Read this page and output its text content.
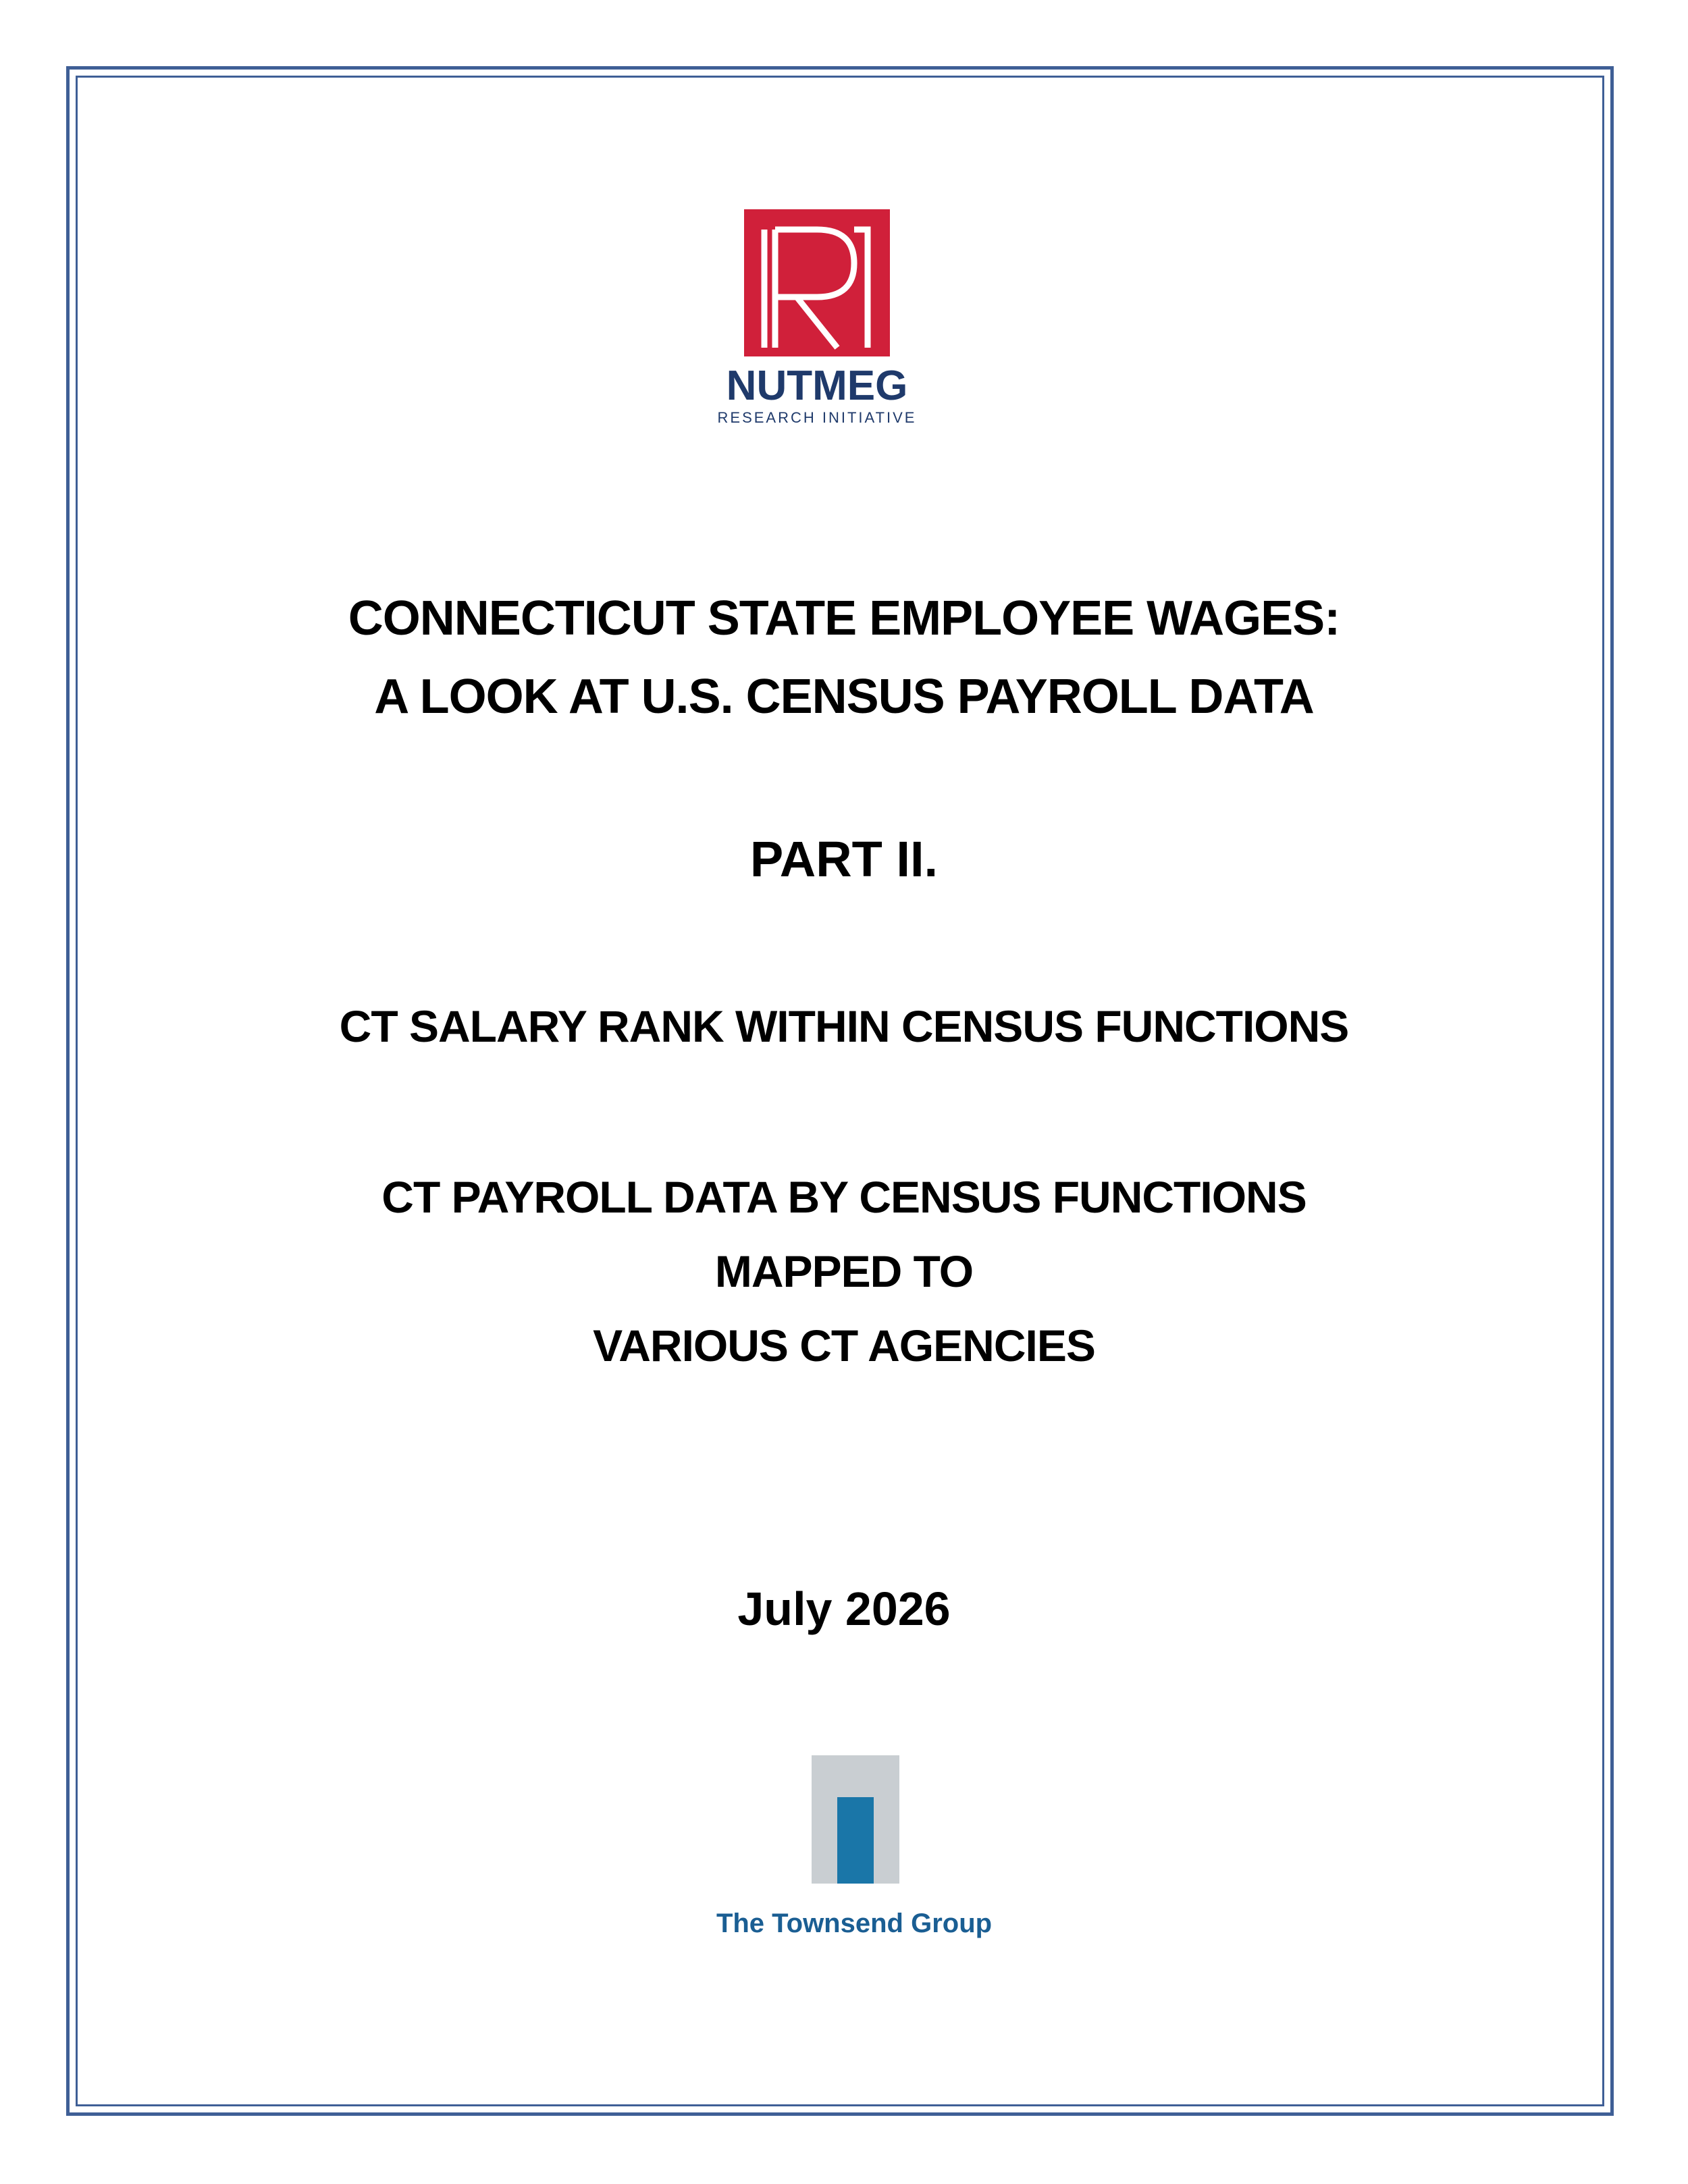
NUTMEG
RESEARCH INITIATIVE
CONNECTICUT STATE EMPLOYEE WAGES:
A LOOK AT U.S. CENSUS PAYROLL DATA
PART II.
CT SALARY RANK WITHIN CENSUS FUNCTIONS
CT PAYROLL DATA BY CENSUS FUNCTIONS
MAPPED TO
VARIOUS CT AGENCIES
July 2026
The Townsend Group
